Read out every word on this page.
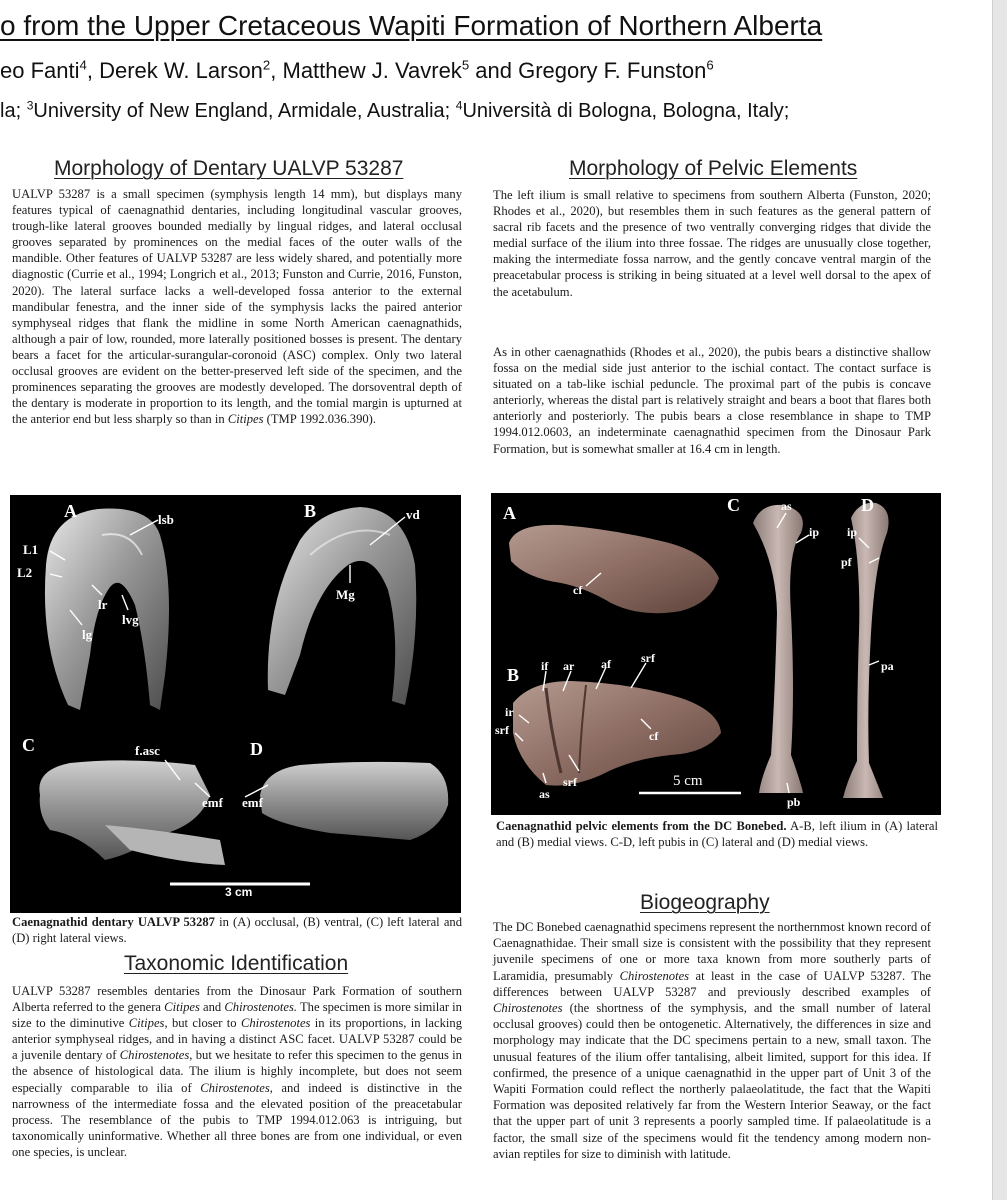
o from the Upper Cretaceous Wapiti Formation of Northern Alberta
eo Fanti$^4$, Derek W. Larson$^2$, Matthew J. Vavrek$^5$ and Gregory F. Funston$^6$
la; $^3$University of New England, Armidale, Australia; $^4$Università di Bologna, Bologna, Italy;
Morphology of Dentary UALVP 53287

UALVP 53287 is a small specimen (symphysis length 14 mm), but displays many features typical of caenagnathid dentaries, including longitudinal vascular grooves, trough-like lateral grooves bounded medially by lingual ridges, and lateral occlusal grooves separated by prominences on the medial faces of the outer walls of the mandible. Other features of UALVP 53287 are less widely shared, and potentially more diagnostic (Currie et al., 1994; Longrich et al., 2013; Funston and Currie, 2016, Funston, 2020). The lateral surface lacks a well-developed fossa anterior to the external mandibular fenestra, and the inner side of the symphysis lacks the paired anterior symphyseal ridges that flank the midline in some North American caenagnathids, although a pair of low, rounded, more laterally positioned bosses is present. The dentary bears a facet for the articular-surangular-coronoid (ASC) complex. Only two lateral occlusal grooves are evident on the better-preserved left side of the specimen, and the prominences separating the grooves are modestly developed. The dorsoventral depth of the dentary is moderate in proportion to its length, and the tomial margin is upturned at the anterior end but less sharply so than in Citipes (TMP 1992.036.390).

A	B
C	D
lsb
L1
L2
lr
lvg
lg
vd
Mg
f.asc
emf emf
3 cm

Caenagnathid dentary UALVP 53287 in (A) occlusal, (B) ventral, (C) left lateral and (D) right lateral views.

Taxonomic Identification

UALVP 53287 resembles dentaries from the Dinosaur Park Formation of southern Alberta referred to the genera Citipes and Chirostenotes. The specimen is more similar in size to the diminutive Citipes, but closer to Chirostenotes in its proportions, in lacking anterior symphyseal ridges, and in having a distinct ASC facet. UALVP 53287 could be a juvenile dentary of Chirostenotes, but we hesitate to refer this specimen to the genus in the absence of histological data. The ilium is highly incomplete, but does not seem especially comparable to ilia of Chirostenotes, and indeed is distinctive in the narrowness of the intermediate fossa and the elevated position of the preacetabular process. The resemblance of the pubis to TMP 1994.012.063 is intriguing, but taxonomically uninformative. Whether all three bones are from one individual, or even one species, is unclear.

Morphology of Pelvic Elements

The left ilium is small relative to specimens from southern Alberta (Funston, 2020; Rhodes et al., 2020), but resembles them in such features as the general pattern of sacral rib facets and the presence of two ventrally converging ridges that divide the medial surface of the ilium into three fossae. The ridges are unusually close together, making the intermediate fossa narrow, and the gently concave ventral margin of the preacetabular process is striking in being situated at a level well dorsal to the apex of the acetabulum.

As in other caenagnathids (Rhodes et al., 2020), the pubis bears a distinctive shallow fossa on the medial side just anterior to the ischial contact. The contact surface is situated on a tab-like ischial peduncle. The proximal part of the pubis is concave anteriorly, whereas the distal part is relatively straight and bears a boot that flares both anteriorly and posteriorly. The pubis bears a close resemblance in shape to TMP 1994.012.0603, an indeterminate caenagnathid specimen from the Dinosaur Park Formation, but is somewhat smaller at 16.4 cm in length.

A
B
C	D
cf
if ar af	srf
ir
srf	cf
as
srf
as
ip ip
pf
pa
pb
5 cm

Caenagnathid pelvic elements from the DC Bonebed. A-B, left ilium in (A) lateral and (B) medial views. C-D, left pubis in (C) lateral and (D) medial views.

Biogeography

The DC Bonebed caenagnathid specimens represent the northernmost known record of Caenagnathidae. Their small size is consistent with the possibility that they represent juvenile specimens of one or more taxa known from more southerly parts of Laramidia, presumably Chirostenotes at least in the case of UALVP 53287. The differences between UALVP 53287 and previously described examples of Chirostenotes (the shortness of the symphysis, and the small number of lateral occlusal grooves) could then be ontogenetic. Alternatively, the differences in size and morphology may indicate that the DC specimens pertain to a new, small taxon. The unusual features of the ilium offer tantalising, albeit limited, support for this idea. If confirmed, the presence of a unique caenagnathid in the upper part of Unit 3 of the Wapiti Formation could reflect the northerly palaeolatitude, the fact that the Wapiti Formation was deposited relatively far from the Western Interior Seaway, or the fact that the upper part of unit 3 represents a poorly sampled time. If palaeolatitude is a factor, the small size of the specimens would fit the tendency among modern non-avian reptiles for size to diminish with latitude.
